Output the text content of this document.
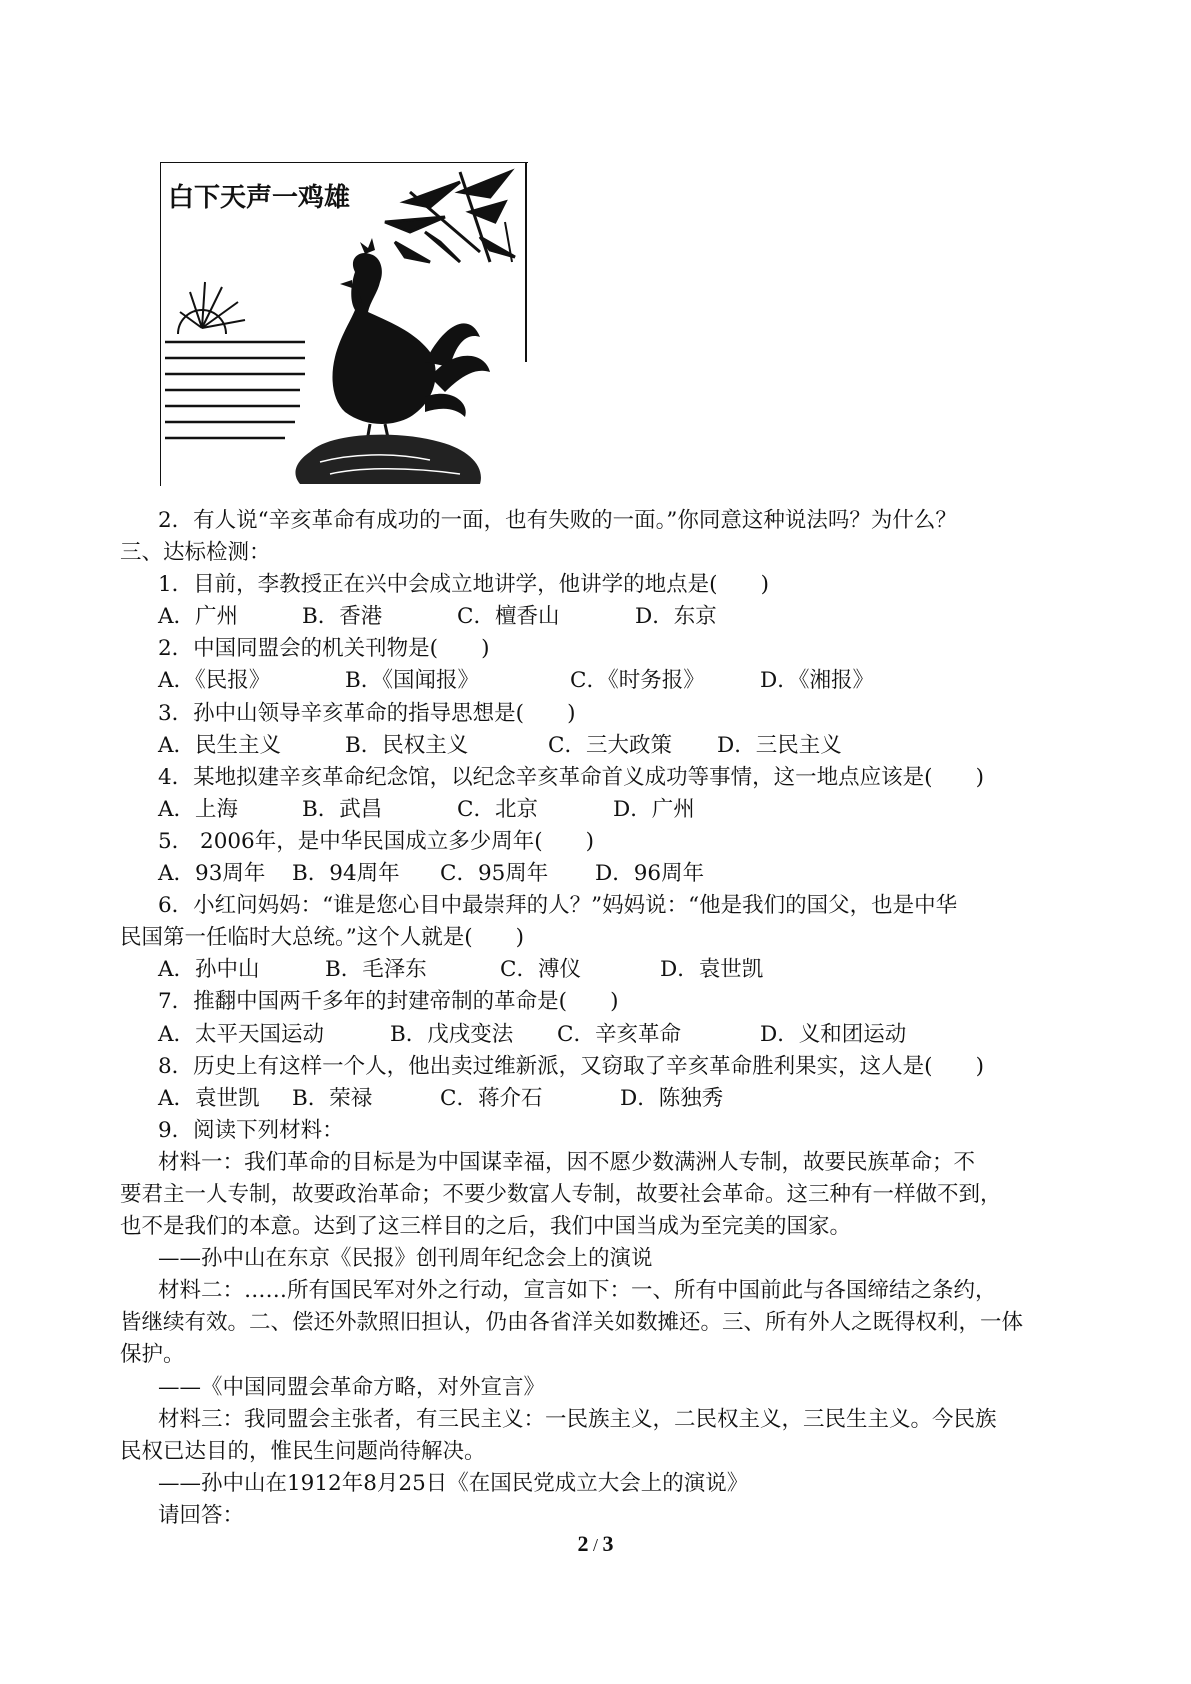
白下天声一鸡雄
2．有人说“辛亥革命有成功的一面，也有失败的一面。”你同意这种说法吗？为什么？
三、达标检测：
1．目前，李教授正在兴中会成立地讲学，他讲学的地点是(　　)
A．广州	B．香港	C．檀香山	D．东京
2．中国同盟会的机关刊物是(　　)
A．《民报》	B．《国闻报》	C．《时务报》	D．《湘报》
3．孙中山领导辛亥革命的指导思想是(　　)
A．民生主义	B．民权主义	C．三大政策 D．三民主义
4．某地拟建辛亥革命纪念馆，以纪念辛亥革命首义成功等事情，这一地点应该是(　　)
A．上海	B．武昌	C．北京	D．广州
5． 2006年，是中华民国成立多少周年(　　)
A．93周年 B．94周年 C．95周年 D．96周年
6．小红问妈妈：“谁是您心目中最崇拜的人？”妈妈说：“他是我们的国父，也是中华
民国第一任临时大总统。”这个人就是(　　)
A．孙中山	B．毛泽东	C．溥仪	D．袁世凯
7．推翻中国两千多年的封建帝制的革命是(　　)
A．太平天国运动	B．戊戌变法 C．辛亥革命	D．义和团运动
8．历史上有这样一个人，他出卖过维新派，又窃取了辛亥革命胜利果实，这人是(　　)
A．袁世凯 B．荣禄	C．蒋介石	D．陈独秀
9．阅读下列材料：
材料一：我们革命的目标是为中国谋幸福，因不愿少数满洲人专制，故要民族革命；不
要君主一人专制，故要政治革命；不要少数富人专制，故要社会革命。这三种有一样做不到，
也不是我们的本意。达到了这三样目的之后，我们中国当成为至完美的国家。
——孙中山在东京《民报》创刊周年纪念会上的演说
材料二：……所有国民军对外之行动，宣言如下：一、所有中国前此与各国缔结之条约，
皆继续有效。二、偿还外款照旧担认，仍由各省洋关如数摊还。三、所有外人之既得权利，一体
保护。
——《中国同盟会革命方略，对外宣言》
材料三：我同盟会主张者，有三民主义：一民族主义，二民权主义，三民生主义。今民族
民权已达目的，惟民生问题尚待解决。
——孙中山在1912年8月25日《在国民党成立大会上的演说》
请回答：
2 / 3
